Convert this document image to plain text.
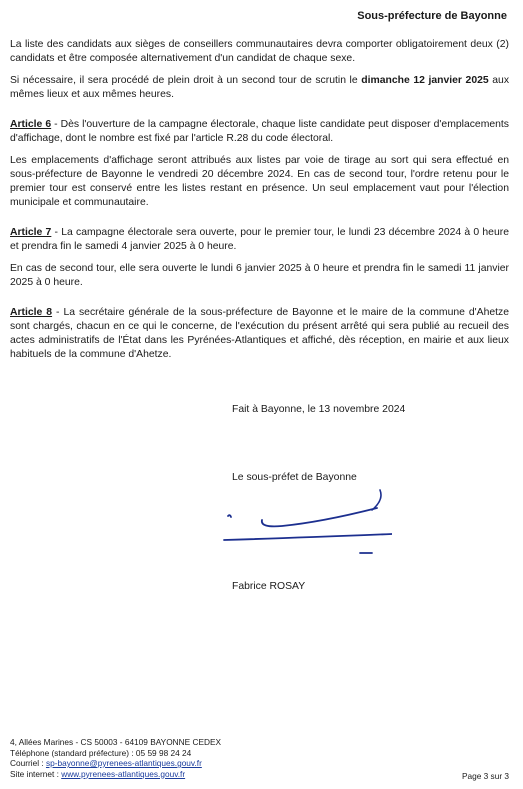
Sous-préfecture de Bayonne

La liste des candidats aux sièges de conseillers communautaires devra comporter obligatoirement deux (2) candidats et être composée alternativement d'un candidat de chaque sexe.

Si nécessaire, il sera procédé de plein droit à un second tour de scrutin le dimanche 12 janvier 2025 aux mêmes lieux et aux mêmes heures.

Article 6 - Dès l'ouverture de la campagne électorale, chaque liste candidate peut disposer d'emplacements d'affichage, dont le nombre est fixé par l'article R.28 du code électoral.

Les emplacements d'affichage seront attribués aux listes par voie de tirage au sort qui sera effectué en sous-préfecture de Bayonne le vendredi 20 décembre 2024. En cas de second tour, l'ordre retenu pour le premier tour est conservé entre les listes restant en présence. Un seul emplacement vaut pour l'élection municipale et communautaire.

Article 7 - La campagne électorale sera ouverte, pour le premier tour, le lundi 23 décembre 2024 à 0 heure et prendra fin le samedi 4 janvier 2025 à 0 heure.

En cas de second tour, elle sera ouverte le lundi 6 janvier 2025 à 0 heure et prendra fin le samedi 11 janvier 2025 à 0 heure.

Article 8 - La secrétaire générale de la sous-préfecture de Bayonne et le maire de la commune d'Ahetze sont chargés, chacun en ce qui le concerne, de l'exécution du présent arrêté qui sera publié au recueil des actes administratifs de l'État dans les Pyrénées-Atlantiques et affiché, dès réception, en mairie et aux lieux habituels de la commune d'Ahetze.

Fait à Bayonne, le 13 novembre 2024
Le sous-préfet de Bayonne
Fabrice ROSAY
4, Allées Marines - CS 50003 - 64109 BAYONNE CEDEX
Téléphone (standard préfecture) : 05 59 98 24 24
Courriel : sp-bayonne@pyrenees-atlantiques.gouv.fr
Site internet : www.pyrenees-atlantiques.gouv.fr	Page 3 sur 3
